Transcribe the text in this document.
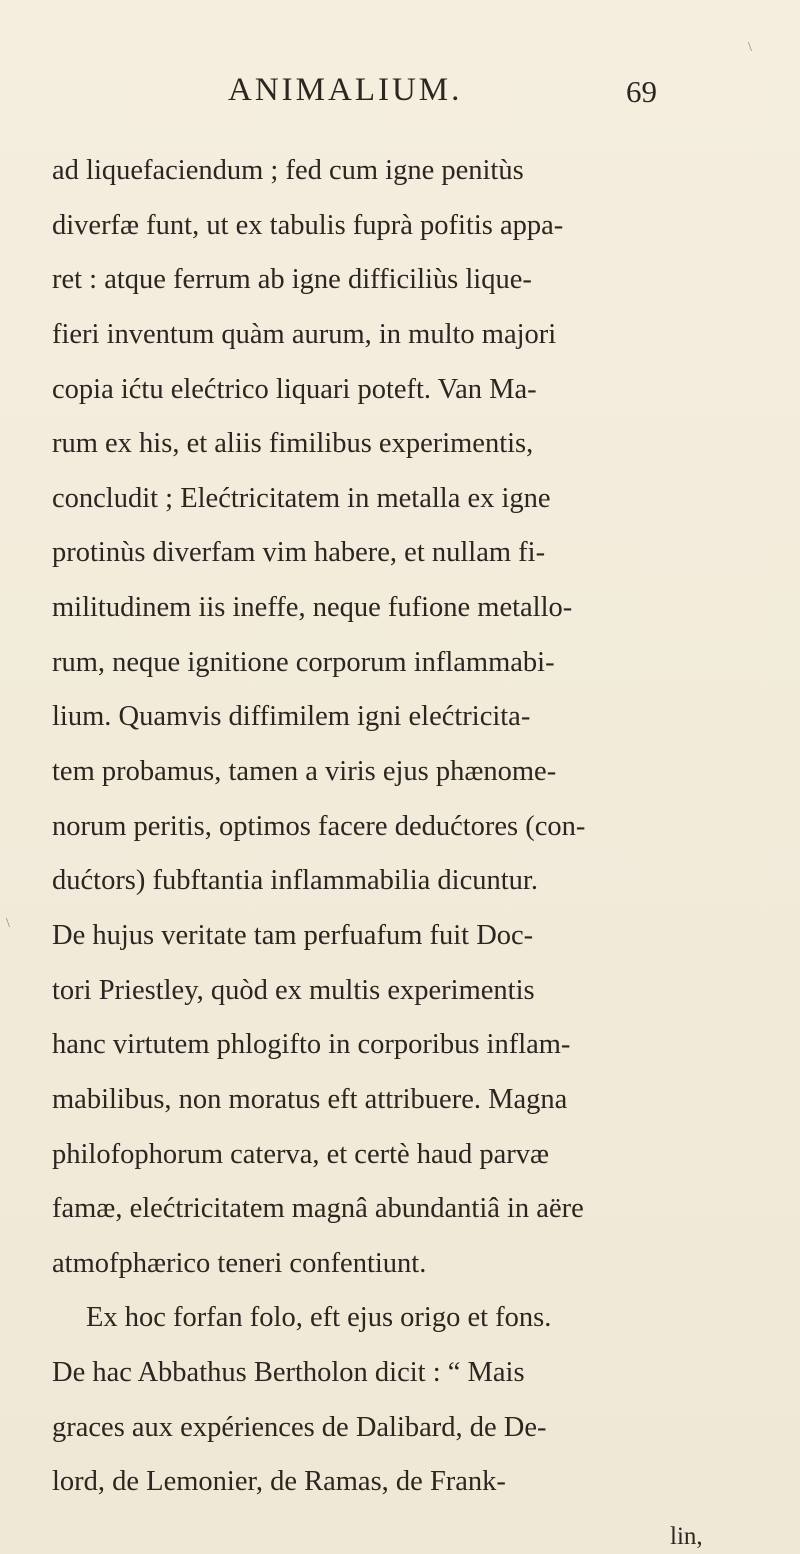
ANIMALIUM.	69
\
\
ad liquefaciendum ; fed cum igne penitùs
diverfæ funt, ut ex tabulis fuprà pofitis appa-
ret : atque ferrum ab igne difficiliùs lique-
fieri inventum quàm aurum, in multo majori
copia ićtu elećtrico liquari poteft. Van Ma-
rum ex his, et aliis fimilibus experimentis,
concludit ; Elećtricitatem in metalla ex igne
protinùs diverfam vim habere, et nullam fi-
militudinem iis ineffe, neque fufione metallo-
rum, neque ignitione corporum inflammabi-
lium. Quamvis diffimilem igni elećtricita-
tem probamus, tamen a viris ejus phænome-
norum peritis, optimos facere dedućtores (con-
dućtors) fubftantia inflammabilia dicuntur.
De hujus veritate tam perfuafum fuit Doc-
tori Priestley, quòd ex multis experimentis
hanc virtutem phlogifto in corporibus inflam-
mabilibus, non moratus eft attribuere. Magna
philofophorum caterva, et certè haud parvæ
famæ, elećtricitatem magnâ abundantiâ in aëre
atmofphærico teneri confentiunt.
Ex hoc forfan folo, eft ejus origo et fons.
De hac Abbathus Bertholon dicit : “ Mais
graces aux expériences de Dalibard, de De-
lord, de Lemonier, de Ramas, de Frank-
lin,
